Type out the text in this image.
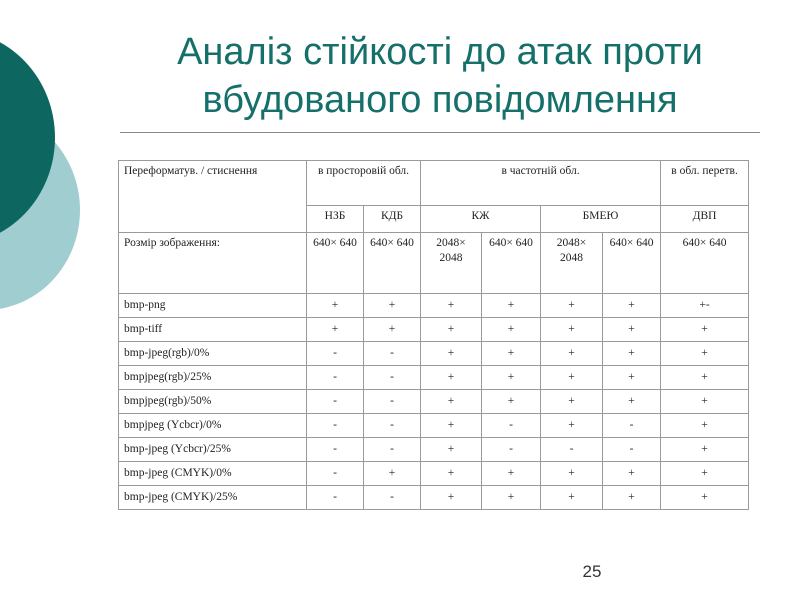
Аналіз стійкості до атак проти
вбудованого повідомлення
Переформатув. / стиснення	в просторовій обл.		в частотній обл.				в обл. перетв.
	НЗБ	КДБ	КЖ		БМЕЮ		ДВП
Розмір зображення:	640× 640	640× 640	2048× 2048	640× 640	2048× 2048	640× 640	640× 640
bmp-png	+	+	+	+	+	+	+-
bmp-tiff	+	+	+	+	+	+	+
bmp-jpeg(rgb)/0%	-	-	+	+	+	+	+
bmpjpeg(rgb)/25%	-	-	+	+	+	+	+
bmpjpeg(rgb)/50%	-	-	+	+	+	+	+
bmpjpeg (Ycbcr)/0%	-	-	+	-	+	-	+
bmp-jpeg (Ycbcr)/25%	-	-	+	-	-	-	+
bmp-jpeg (CMYK)/0%	-	+	+	+	+	+	+
bmp-jpeg (CMYK)/25%	-	-	+	+	+	+	+
25
